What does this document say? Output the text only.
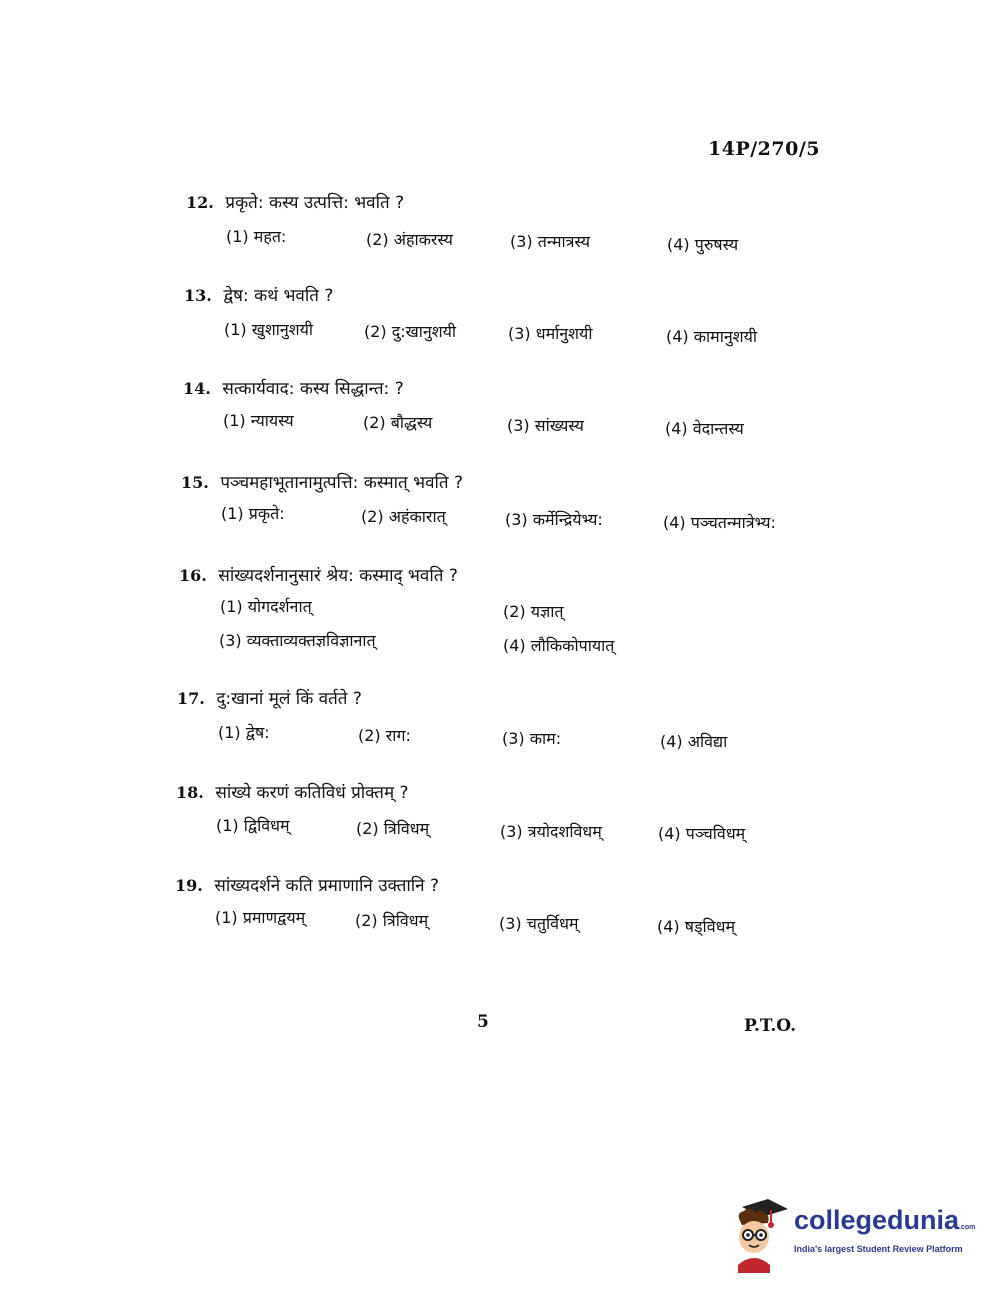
14P/270/5
12. प्रकृते: कस्य उत्पत्ति: भवति ?
(1) महत:	(2) अंहाकरस्य	(3) तन्मात्रस्य	(4) पुरुषस्य
13. द्वेष: कथं भवति ?
(1) खुशानुशयी	(2) दु:खानुशयी	(3) धर्मानुशयी	(4) कामानुशयी
14. सत्कार्यवाद: कस्य सिद्धान्त: ?
(1) न्यायस्य	(2) बौद्धस्य	(3) सांख्यस्य	(4) वेदान्तस्य
15. पञ्चमहाभूतानामुत्पत्ति: कस्मात् भवति ?
(1) प्रकृते:	(2) अहंकारात्	(3) कर्मेन्द्रियेभ्य:	(4) पञ्चतन्मात्रेभ्य:
16. सांख्यदर्शनानुसारं श्रेय: कस्माद् भवति ?
(1) योगदर्शनात्	(2) यज्ञात्
(3) व्यक्ताव्यक्तज्ञविज्ञानात्	(4) लौकिकोपायात्
17. दु:खानां मूलं किं वर्तते ?
(1) द्वेष:	(2) राग:	(3) काम:	(4) अविद्या
18. सांख्ये करणं कतिविधं प्रोक्तम् ?
(1) द्विविधम्	(2) त्रिविधम्	(3) त्रयोदशविधम्	(4) पञ्चविधम्
19. सांख्यदर्शने कति प्रमाणानि उक्तानि ?
(1) प्रमाणद्वयम्	(2) त्रिविधम्	(3) चतुर्विधम्	(4) षड्विधम्
5	P.T.O.
collegedunia.com
India's largest Student Review Platform
